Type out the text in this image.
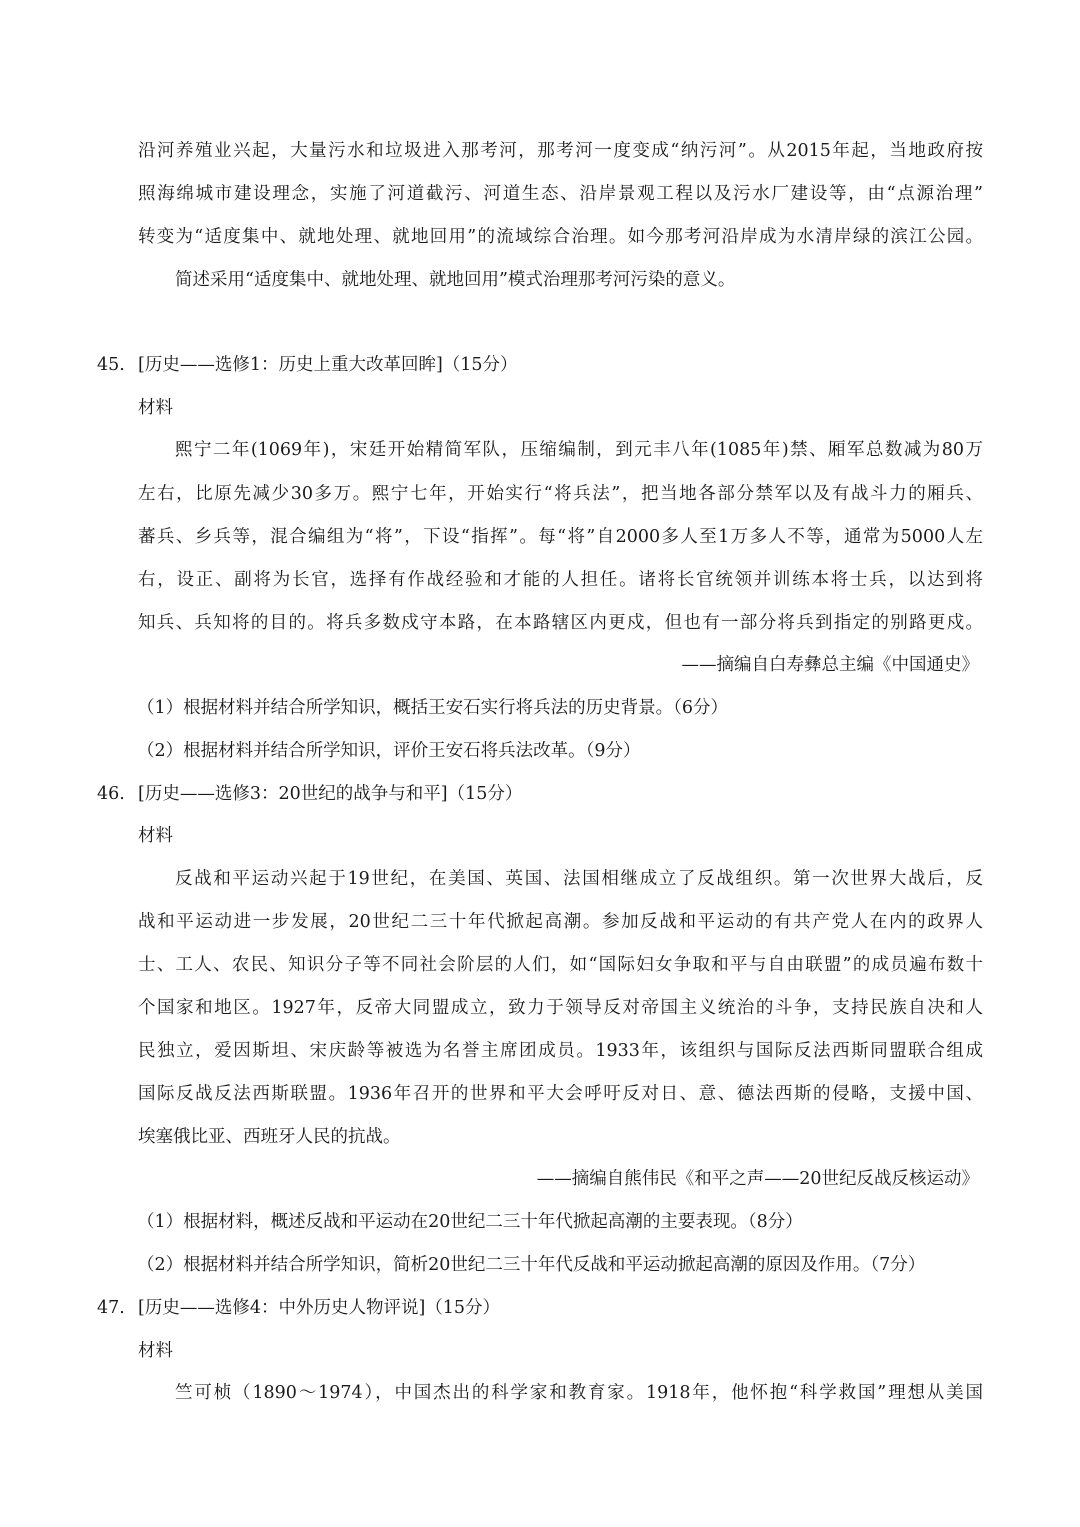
沿河养殖业兴起，大量污水和垃圾进入那考河，那考河一度变成“纳污河”。从2015年起，当地政府按
照海绵城市建设理念，实施了河道截污、河道生态、沿岸景观工程以及污水厂建设等，由“点源治理”
转变为“适度集中、就地处理、就地回用”的流域综合治理。如今那考河沿岸成为水清岸绿的滨江公园。
简述采用“适度集中、就地处理、就地回用”模式治理那考河污染的意义。
45. [历史——选修1：历史上重大改革回眸]（15分）
材料
熙宁二年(1069年)，宋廷开始精简军队，压缩编制，到元丰八年(1085年)禁、厢军总数减为80万
左右，比原先减少30多万。熙宁七年，开始实行“将兵法”，把当地各部分禁军以及有战斗力的厢兵、
蕃兵、乡兵等，混合编组为“将”，下设“指挥”。每“将”自2000多人至1万多人不等，通常为5000人左
右，设正、副将为长官，选择有作战经验和才能的人担任。诸将长官统领并训练本将士兵，以达到将
知兵、兵知将的目的。将兵多数戍守本路，在本路辖区内更戍，但也有一部分将兵到指定的别路更戍。
——摘编自白寿彝总主编《中国通史》
（1）根据材料并结合所学知识，概括王安石实行将兵法的历史背景。（6分）
（2）根据材料并结合所学知识，评价王安石将兵法改革。（9分）
46. [历史——选修3：20世纪的战争与和平]（15分）
材料
反战和平运动兴起于19世纪，在美国、英国、法国相继成立了反战组织。第一次世界大战后，反
战和平运动进一步发展，20世纪二三十年代掀起高潮。参加反战和平运动的有共产党人在内的政界人
士、工人、农民、知识分子等不同社会阶层的人们，如“国际妇女争取和平与自由联盟”的成员遍布数十
个国家和地区。1927年，反帝大同盟成立，致力于领导反对帝国主义统治的斗争，支持民族自决和人
民独立，爱因斯坦、宋庆龄等被选为名誉主席团成员。1933年，该组织与国际反法西斯同盟联合组成
国际反战反法西斯联盟。1936年召开的世界和平大会呼吁反对日、意、德法西斯的侵略，支援中国、
埃塞俄比亚、西班牙人民的抗战。
——摘编自熊伟民《和平之声——20世纪反战反核运动》
（1）根据材料，概述反战和平运动在20世纪二三十年代掀起高潮的主要表现。（8分）
（2）根据材料并结合所学知识，简析20世纪二三十年代反战和平运动掀起高潮的原因及作用。（7分）
47. [历史——选修4：中外历史人物评说]（15分）
材料
竺可桢（1890～1974），中国杰出的科学家和教育家。1918年，他怀抱“科学救国”理想从美国
